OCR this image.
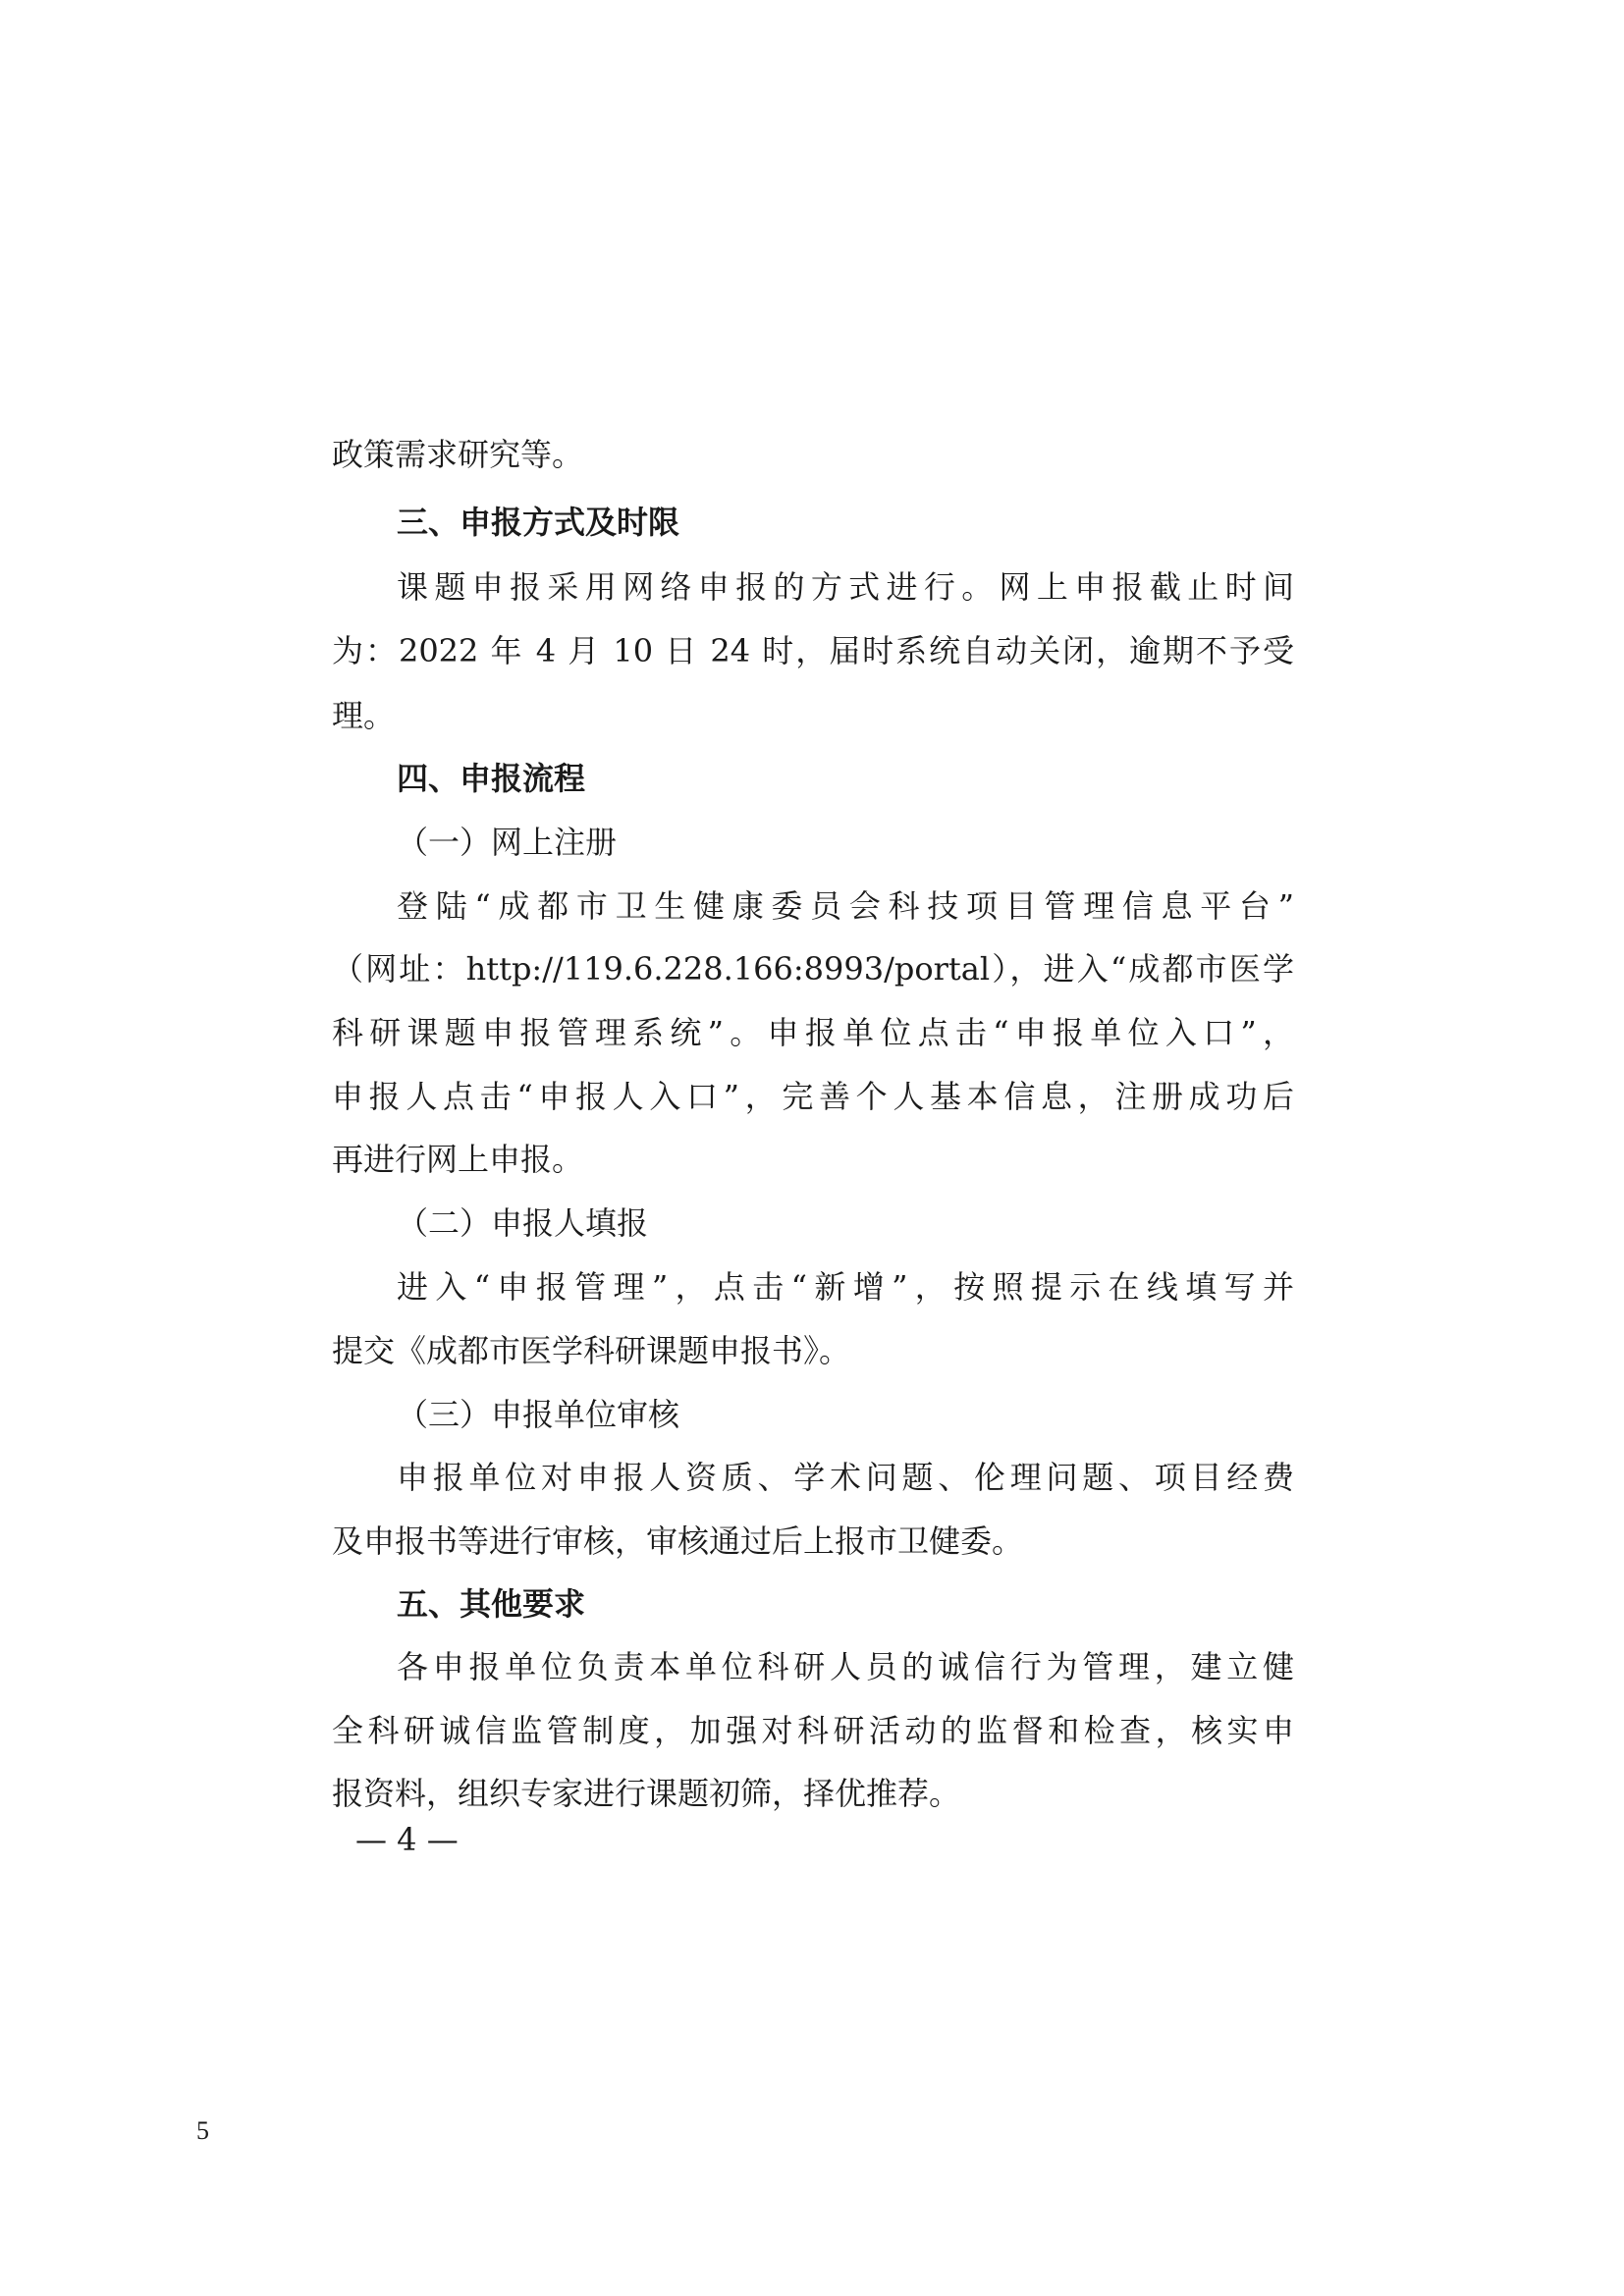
政策需求研究等。
三、申报方式及时限
课题申报采用网络申报的方式进行。网上申报截止时间
为：2022 年 4 月 10 日 24 时，届时系统自动关闭，逾期不予受
理。
四、申报流程
（一）网上注册
登陆“成都市卫生健康委员会科技项目管理信息平台”
（网址：http://119.6.228.166:8993/portal），进入“成都市医学
科研课题申报管理系统”。申报单位点击“申报单位入口”，
申报人点击“申报人入口”，完善个人基本信息，注册成功后
再进行网上申报。
（二）申报人填报
进入“申报管理”，点击“新增”，按照提示在线填写并
提交《成都市医学科研课题申报书》。
（三）申报单位审核
申报单位对申报人资质、学术问题、伦理问题、项目经费
及申报书等进行审核，审核通过后上报市卫健委。
五、其他要求
各申报单位负责本单位科研人员的诚信行为管理，建立健
全科研诚信监管制度，加强对科研活动的监督和检查，核实申
报资料，组织专家进行课题初筛，择优推荐。
— 4 —
5
